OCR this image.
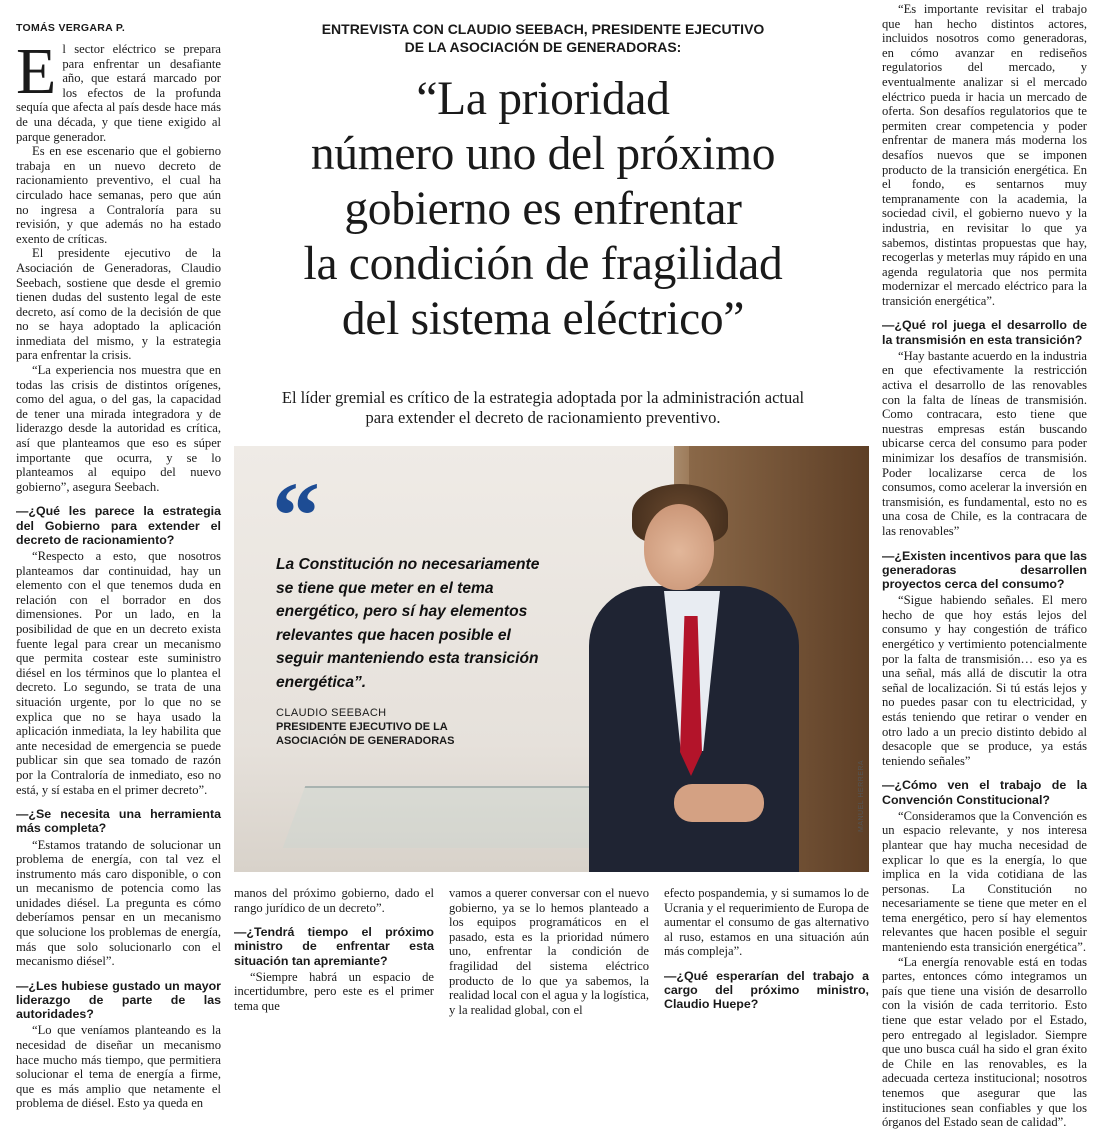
TOMÁS VERGARA P.	ENTREVISTA CON CLAUDIO SEEBACH, PRESIDENTE EJECUTIVO
DE LA ASOCIACIÓN DE GENERADORAS:
“La prioridad
número uno del próximo
gobierno es enfrentar
la condición de fragilidad
del sistema eléctrico”
El líder gremial es crítico de la estrategia adoptada por la administración actual
para extender el decreto de racionamiento preventivo.

El sector eléctrico se prepara para enfrentar un desafiante año, que estará marcado por los efectos de la profunda sequía que afecta al país desde hace más de una década, y que tiene exigido al parque generador.

Es en ese escenario que el gobierno trabaja en un nuevo decreto de racionamiento preventivo, el cual ha circulado hace semanas, pero que aún no ingresa a Contraloría para su revisión, y que además no ha estado exento de críticas.

El presidente ejecutivo de la Asociación de Generadoras, Claudio Seebach, sostiene que desde el gremio tienen dudas del sustento legal de este decreto, así como de la decisión de que no se haya adoptado la aplicación inmediata del mismo, y la estrategia para enfrentar la crisis.

“La experiencia nos muestra que en todas las crisis de distintos orígenes, como del agua, o del gas, la capacidad de tener una mirada integradora y de liderazgo desde la autoridad es crítica, así que planteamos que eso es súper importante que ocurra, y se lo planteamos al equipo del nuevo gobierno”, asegura Seebach.

—¿Qué les parece la estrategia del Gobierno para extender el decreto de racionamiento?

“Respecto a esto, que nosotros planteamos dar continuidad, hay un elemento con el que tenemos duda en relación con el borrador en dos dimensiones. Por un lado, en la posibilidad de que en un decreto exista fuente legal para crear un mecanismo que permita costear este suministro diésel en los términos que lo plantea el decreto. Lo segundo, se trata de una situación urgente, por lo que no se explica que no se haya usado la aplicación inmediata, la ley habilita que ante necesidad de emergencia se puede publicar sin que sea tomado de razón por la Contraloría de inmediato, eso no está, y sí estaba en el primer decreto”.

—¿Se necesita una herramienta más completa?

“Estamos tratando de solucionar un problema de energía, con tal vez el instrumento más caro disponible, o con un mecanismo de potencia como las unidades diésel. La pregunta es cómo deberíamos pensar en un mecanismo que solucione los problemas de energía, más que solo solucionarlo con el mecanismo diésel”.

—¿Les hubiese gustado un mayor liderazgo de parte de las autoridades?

“Lo que veníamos planteando es la necesidad de diseñar un mecanismo hace mucho más tiempo, que permitiera solucionar el tema de energía a firme, que es más amplio que netamente el problema de diésel. Esto ya queda en

“
La Constitución no necesariamente se tiene que meter en el tema energético, pero sí hay elementos relevantes que hacen posible el seguir manteniendo esta transición energética”.
CLAUDIO SEEBACH
PRESIDENTE EJECUTIVO DE LA
ASOCIACIÓN DE GENERADORAS
MANUEL HERRERA

manos del próximo gobierno, dado el rango jurídico de un decreto”.

—¿Tendrá tiempo el próximo ministro de enfrentar esta situación tan apremiante?

“Siempre habrá un espacio de incertidumbre, pero este es el primer tema que

vamos a querer conversar con el nuevo gobierno, ya se lo hemos planteado a los equipos programáticos en el pasado, esta es la prioridad número uno, enfrentar la condición de fragilidad del sistema eléctrico producto de lo que ya sabemos, la realidad local con el agua y la logística, y la realidad global, con el

efecto pospandemia, y si sumamos lo de Ucrania y el requerimiento de Europa de aumentar el consumo de gas alternativo al ruso, estamos en una situación aún más compleja”.

—¿Qué esperarían del trabajo a cargo del próximo ministro, Claudio Huepe?

“Es importante revisitar el trabajo que han hecho distintos actores, incluidos nosotros como generadoras, en cómo avanzar en rediseños regulatorios del mercado, y eventualmente analizar si el mercado eléctrico pueda ir hacia un mercado de oferta. Son desafíos regulatorios que te permiten crear competencia y poder enfrentar de manera más moderna los desafíos nuevos que se imponen producto de la transición energética. En el fondo, es sentarnos muy tempranamente con la academia, la sociedad civil, el gobierno nuevo y la industria, en revisitar lo que ya sabemos, distintas propuestas que hay, recogerlas y meterlas muy rápido en una agenda regulatoria que nos permita modernizar el mercado eléctrico para la transición energética”.

—¿Qué rol juega el desarrollo de la transmisión en esta transición?

“Hay bastante acuerdo en la industria en que efectivamente la restricción activa el desarrollo de las renovables con la falta de líneas de transmisión. Como contracara, esto tiene que nuestras empresas están buscando ubicarse cerca del consumo para poder minimizar los desafíos de transmisión. Poder localizarse cerca de los consumos, como acelerar la inversión en transmisión, es fundamental, esto no es una cosa de Chile, es la contracara de las renovables”

—¿Existen incentivos para que las generadoras desarrollen proyectos cerca del consumo?

“Sigue habiendo señales. El mero hecho de que hoy estás lejos del consumo y hay congestión de tráfico energético y vertimiento potencialmente por la falta de transmisión… eso ya es una señal, más allá de discutir la otra señal de localización. Si tú estás lejos y no puedes pasar con tu electricidad, y estás teniendo que retirar o vender en otro lado a un precio distinto debido al desacople que se produce, ya estás teniendo señales”

—¿Cómo ven el trabajo de la Convención Constitucional?

“Consideramos que la Convención es un espacio relevante, y nos interesa plantear que hay mucha necesidad de explicar lo que es la energía, lo que implica en la vida cotidiana de las personas. La Constitución no necesariamente se tiene que meter en el tema energético, pero sí hay elementos relevantes que hacen posible el seguir manteniendo esta transición energética”.

“La energía renovable está en todas partes, entonces cómo integramos un país que tiene una visión de desarrollo con la visión de cada territorio. Esto tiene que estar velado por el Estado, pero entregado al legislador. Siempre que uno busca cuál ha sido el gran éxito de Chile en las renovables, es la adecuada certeza institucional; nosotros tenemos que asegurar que las instituciones sean confiables y que los órganos del Estado sean de calidad”.
